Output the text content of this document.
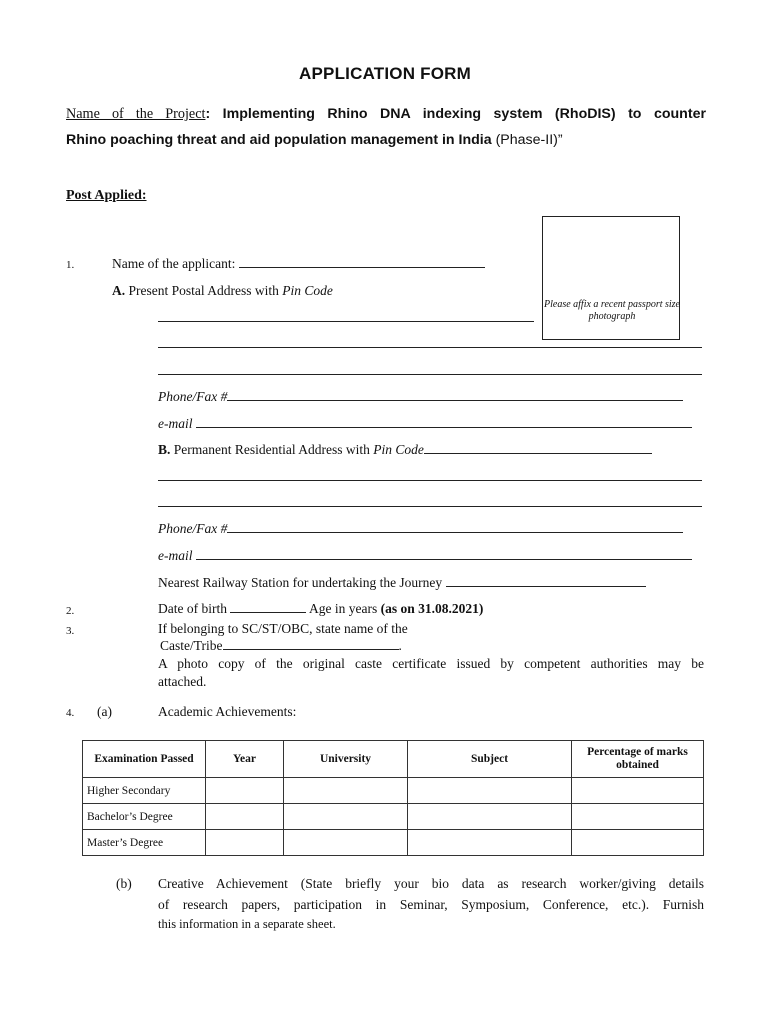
APPLICATION FORM
Name of the Project: Implementing Rhino DNA indexing system (RhoDIS) to counter
Rhino poaching threat and aid population management in India (Phase-II)”
Post Applied:
Please affix a recent passport size photograph
1.	Name of the applicant:
A. Present Postal Address with Pin Code
Phone/Fax #
e-mail
B. Permanent Residential Address with Pin Code
Phone/Fax #
e-mail
Nearest Railway Station for undertaking the Journey
2.	Date of birth	Age in years (as on 31.08.2021)
3.	If belonging to SC/ST/OBC, state name of the
Caste/Tribe	.
A photo copy of the original caste certificate issued by competent authorities may be
attached.
4. (a)	Academic Achievements:
Examination Passed	Year	University	Subject	Percentage of marks obtained
Higher Secondary				
Bachelor’s Degree				
Master’s Degree				
(b) Creative Achievement (State briefly your bio data as research worker/giving details
of research papers, participation in Seminar, Symposium, Conference, etc.). Furnish
this information in a separate sheet.
